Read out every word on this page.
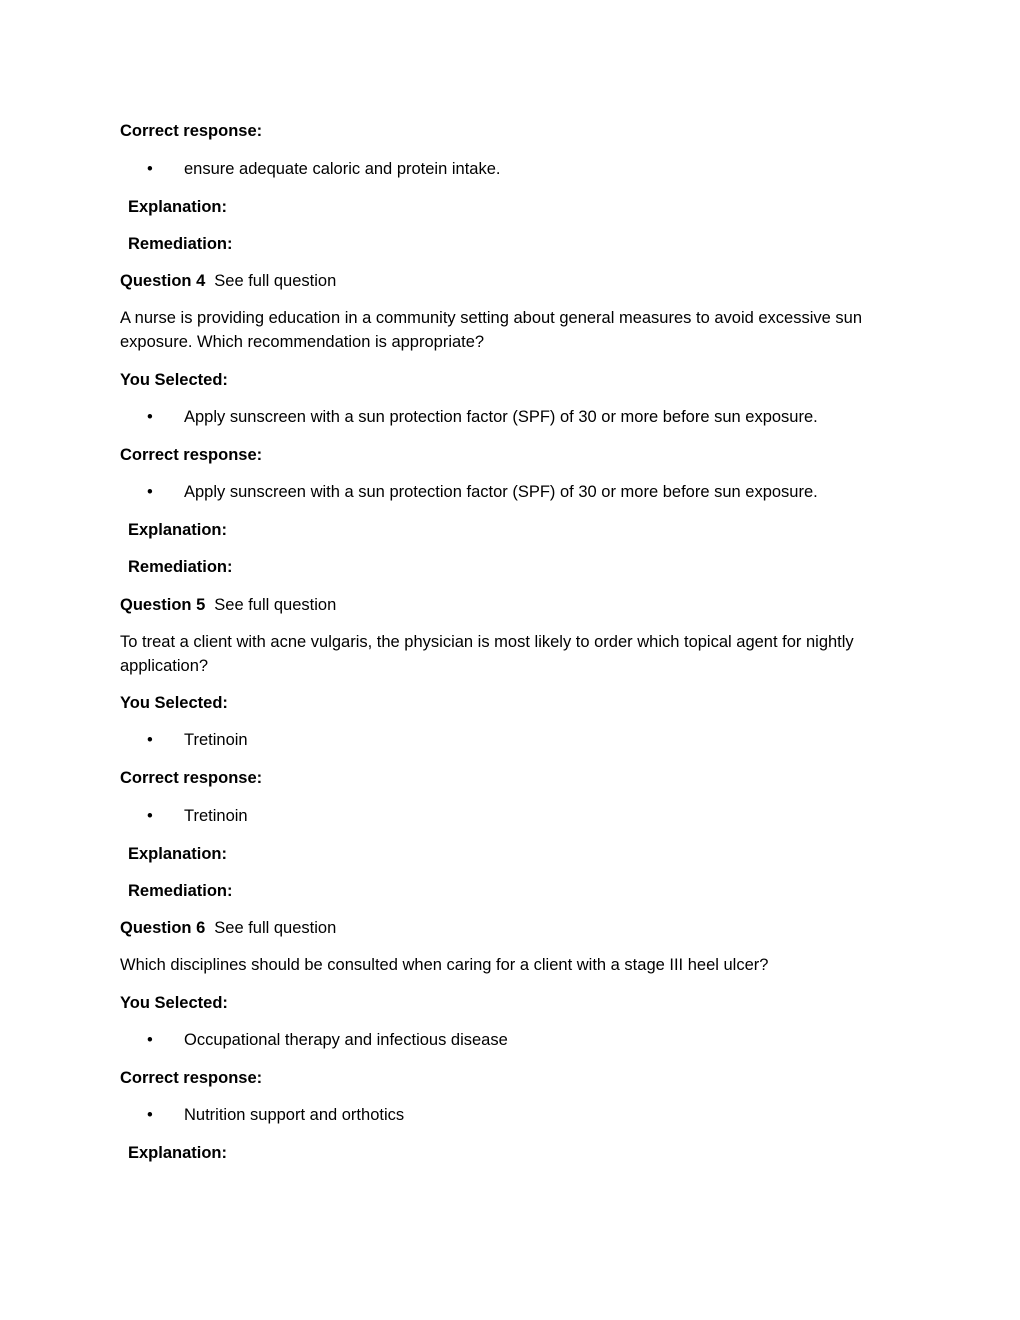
Correct response:
• ensure adequate caloric and protein intake.
Explanation:
Remediation:
Question 4 See full question
A nurse is providing education in a community setting about general measures to avoid excessive sun exposure. Which recommendation is appropriate?
You Selected:
• Apply sunscreen with a sun protection factor (SPF) of 30 or more before sun exposure.
Correct response:
• Apply sunscreen with a sun protection factor (SPF) of 30 or more before sun exposure.
Explanation:
Remediation:
Question 5 See full question
To treat a client with acne vulgaris, the physician is most likely to order which topical agent for nightly application?
You Selected:
• Tretinoin
Correct response:
• Tretinoin
Explanation:
Remediation:
Question 6 See full question
Which disciplines should be consulted when caring for a client with a stage III heel ulcer?
You Selected:
• Occupational therapy and infectious disease
Correct response:
• Nutrition support and orthotics
Explanation:
